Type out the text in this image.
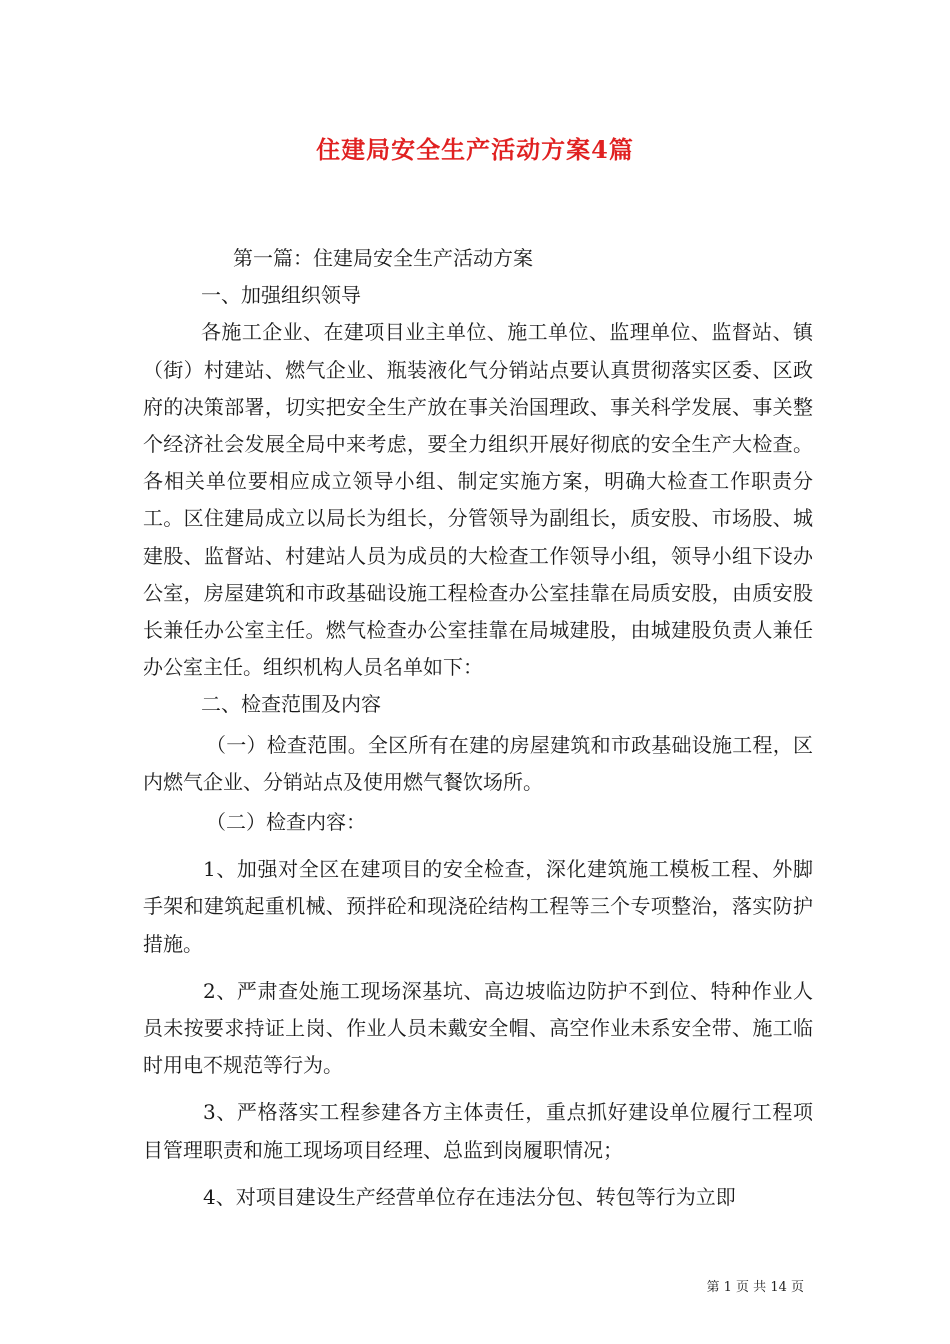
住建局安全生产活动方案4篇

第一篇：住建局安全生产活动方案

一、加强组织领导

各施工企业、在建项目业主单位、施工单位、监理单位、监督站、镇（街）村建站、燃气企业、瓶装液化气分销站点要认真贯彻落实区委、区政府的决策部署，切实把安全生产放在事关治国理政、事关科学发展、事关整个经济社会发展全局中来考虑，要全力组织开展好彻底的安全生产大检查。各相关单位要相应成立领导小组、制定实施方案，明确大检查工作职责分工。区住建局成立以局长为组长，分管领导为副组长，质安股、市场股、城建股、监督站、村建站人员为成员的大检查工作领导小组，领导小组下设办公室，房屋建筑和市政基础设施工程检查办公室挂靠在局质安股，由质安股长兼任办公室主任。燃气检查办公室挂靠在局城建股，由城建股负责人兼任办公室主任。组织机构人员名单如下：

二、检查范围及内容

（一）检查范围。全区所有在建的房屋建筑和市政基础设施工程，区内燃气企业、分销站点及使用燃气餐饮场所。

（二）检查内容：

1、加强对全区在建项目的安全检查，深化建筑施工模板工程、外脚手架和建筑起重机械、预拌砼和现浇砼结构工程等三个专项整治，落实防护措施。

2、严肃查处施工现场深基坑、高边坡临边防护不到位、特种作业人员未按要求持证上岗、作业人员未戴安全帽、高空作业未系安全带、施工临时用电不规范等行为。

3、严格落实工程参建各方主体责任，重点抓好建设单位履行工程项目管理职责和施工现场项目经理、总监到岗履职情况；

4、对项目建设生产经营单位存在违法分包、转包等行为立即

第 1 页 共 14 页
